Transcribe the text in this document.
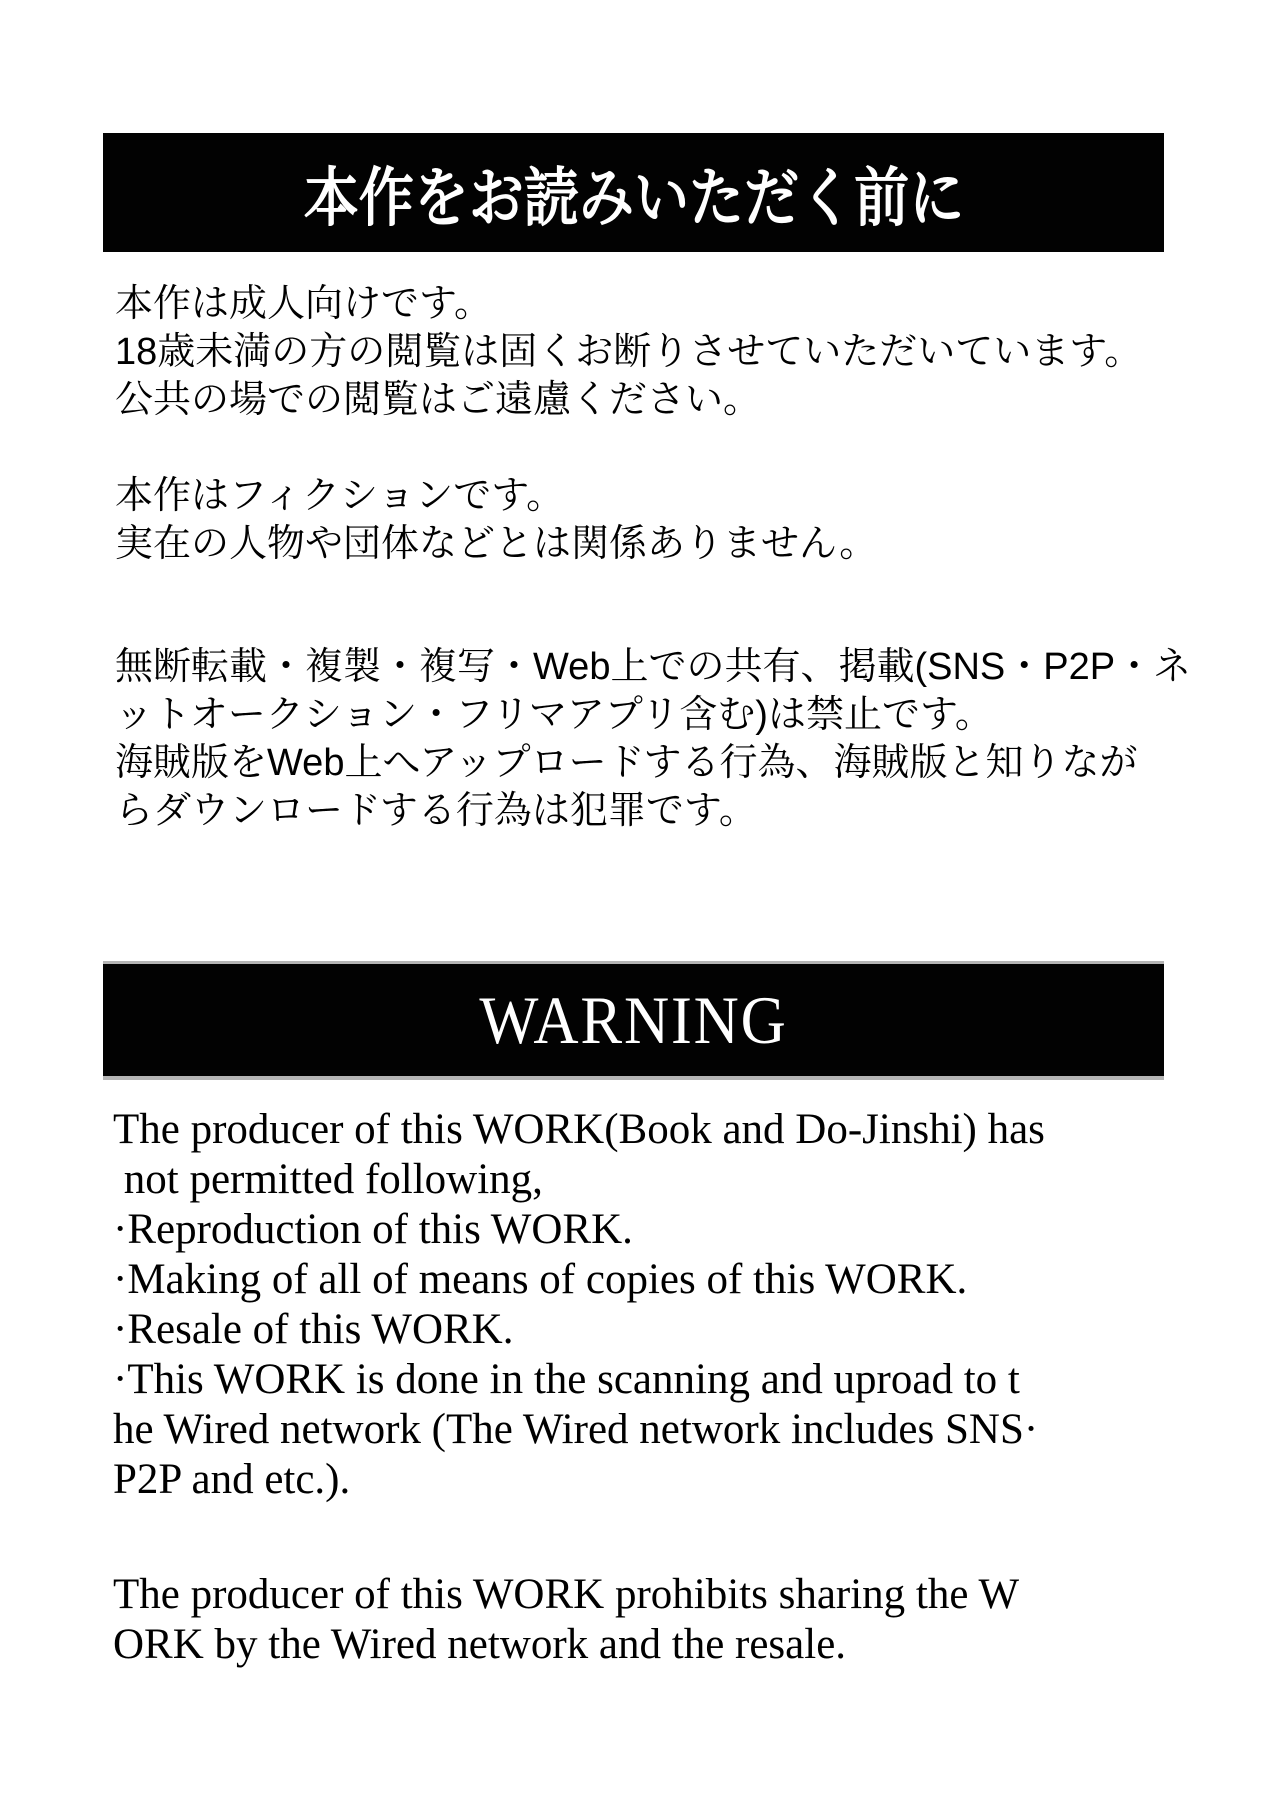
本作をお読みいただく前に
本作は成人向けです。
18歳未満の方の閲覧は固くお断りさせていただいています。
公共の場での閲覧はご遠慮ください。
本作はフィクションです。
実在の人物や団体などとは関係ありません。
無断転載・複製・複写・Web上での共有、掲載(SNS・P2P・ネ
ットオークション・フリマアプリ含む)は禁止です。
海賊版をWeb上へアップロードする行為、海賊版と知りなが
らダウンロードする行為は犯罪です。
WARNING
The producer of this WORK(Book and Do-Jinshi) has
not permitted following,
·Reproduction of this WORK.
·Making of all of means of copies of this WORK.
·Resale of this WORK.
·This WORK is done in the scanning and uproad to t
he Wired network (The Wired network includes SNS·
P2P and etc.).
The producer of this WORK prohibits sharing the W
ORK by the Wired network and the resale.
